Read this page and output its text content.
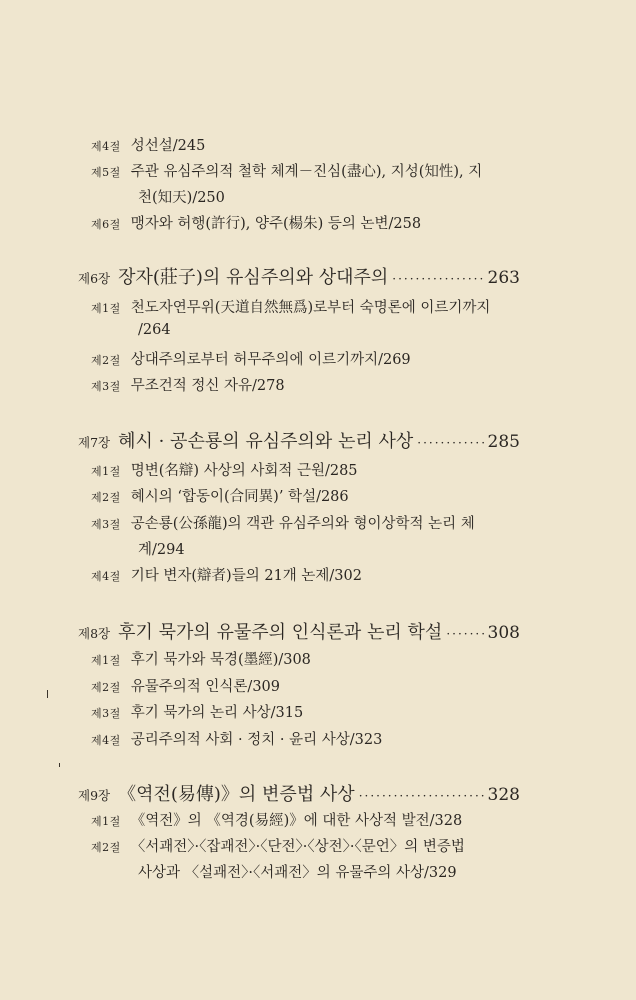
제4절 성선설/245
제5절 주관 유심주의적 철학 체계－진심(盡心), 지성(知性), 지
천(知天)/250
제6절 맹자와 허행(許行), 양주(楊朱) 등의 논변/258
제6장 장자(莊子)의 유심주의와 상대주의 ·····	263
제1절 천도자연무위(天道自然無爲)로부터 숙명론에 이르기까지
/264
제2절 상대주의로부터 허무주의에 이르기까지/269
제3절 무조건적 정신 자유/278
제7장 혜시 · 공손룡의 유심주의와 논리 사상 ·····	285
제1절 명변(名辯) 사상의 사회적 근원/285
제2절 혜시의 ‘합동이(合同異)’ 학설/286
제3절 공손룡(公孫龍)의 객관 유심주의와 형이상학적 논리 체
계/294
제4절 기타 변자(辯者)들의 21개 논제/302
제8장 후기 묵가의 유물주의 인식론과 논리 학설 ·····	308
제1절 후기 묵가와 묵경(墨經)/308
제2절 유물주의적 인식론/309
제3절 후기 묵가의 논리 사상/315
제4절 공리주의적 사회 · 정치 · 윤리 사상/323
제9장 《역전(易傳)》의 변증법 사상 ·····	328
제1절 《역전》의 《역경(易經)》에 대한 사상적 발전/328
제2절 〈서괘전〉·〈잡괘전〉·〈단전〉·〈상전〉·〈문언〉의 변증법
사상과 〈설괘전〉·〈서괘전〉의 유물주의 사상/329
